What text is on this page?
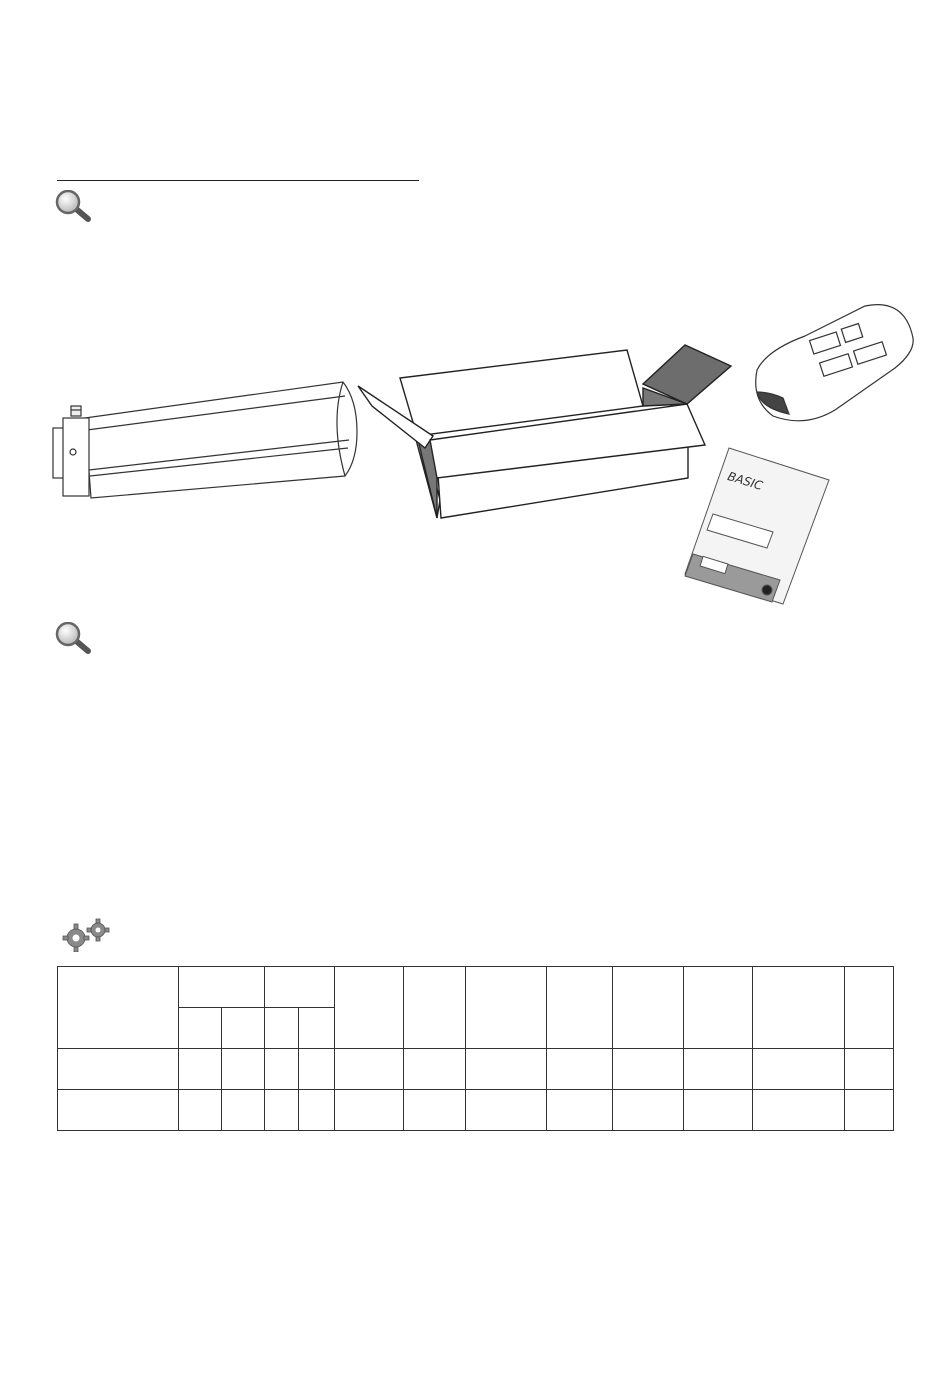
BASIC
